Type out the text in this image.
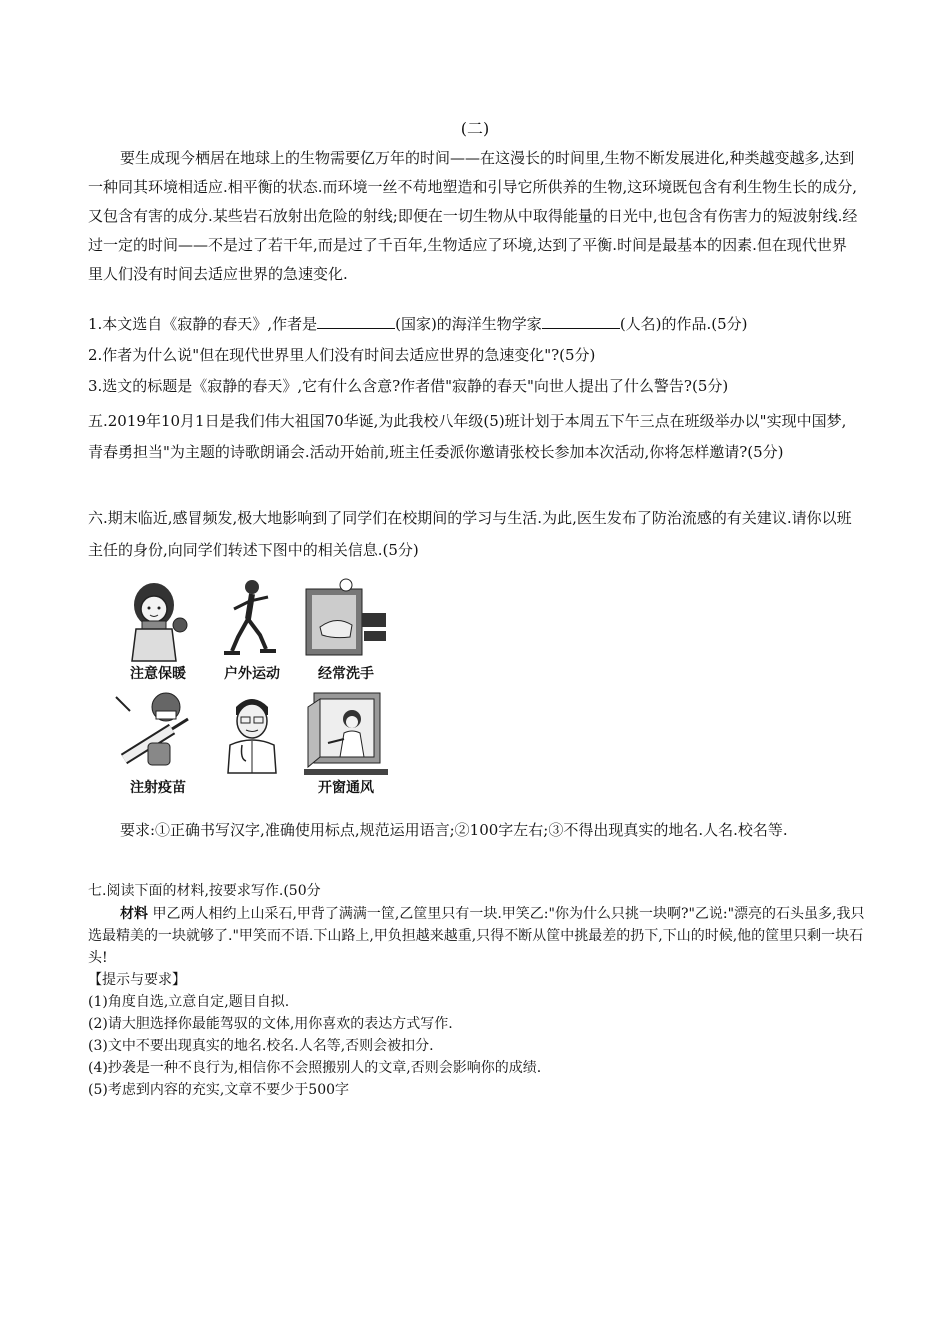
(二)

要生成现今栖居在地球上的生物需要亿万年的时间——在这漫长的时间里,生物不断发展进化,种类越变越多,达到一种同其环境相适应.相平衡的状态.而环境一丝不苟地塑造和引导它所供养的生物,这环境既包含有利生物生长的成分,又包含有害的成分.某些岩石放射出危险的射线;即便在一切生物从中取得能量的日光中,也包含有伤害力的短波射线.经过一定的时间——不是过了若干年,而是过了千百年,生物适应了环境,达到了平衡.时间是最基本的因素.但在现代世界里人们没有时间去适应世界的急速变化.

1.本文选自《寂静的春天》,作者是	(国家)的海洋生物学家	(人名)的作品.(5分)
2.作者为什么说"但在现代世界里人们没有时间去适应世界的急速变化"?(5分)
3.选文的标题是《寂静的春天》,它有什么含意?作者借"寂静的春天"向世人提出了什么警告?(5分)
五.2019年10月1日是我们伟大祖国70华诞,为此我校八年级(5)班计划于本周五下午三点在班级举办以"实现中国梦,青春勇担当"为主题的诗歌朗诵会.活动开始前,班主任委派你邀请张校长参加本次活动,你将怎样邀请?(5分)
六.期末临近,感冒频发,极大地影响到了同学们在校期间的学习与生活.为此,医生发布了防治流感的有关建议.请你以班主任的身份,向同学们转述下图中的相关信息.(5分)
注意保暖	户外运动	经常洗手
注射疫苗	开窗通风

要求:①正确书写汉字,准确使用标点,规范运用语言;②100字左右;③不得出现真实的地名.人名.校名等.

七.阅读下面的材料,按要求写作.(50分

材料 甲乙两人相约上山采石,甲背了满满一筐,乙筐里只有一块.甲笑乙:"你为什么只挑一块啊?"乙说:"漂亮的石头虽多,我只选最精美的一块就够了."甲笑而不语.下山路上,甲负担越来越重,只得不断从筐中挑最差的扔下,下山的时候,他的筐里只剩一块石头!

【提示与要求】

(1)角度自选,立意自定,题目自拟.

(2)请大胆选择你最能驾驭的文体,用你喜欢的表达方式写作.

(3)文中不要出现真实的地名.校名.人名等,否则会被扣分.

(4)抄袭是一种不良行为,相信你不会照搬别人的文章,否则会影响你的成绩.

(5)考虑到内容的充实,文章不要少于500字
